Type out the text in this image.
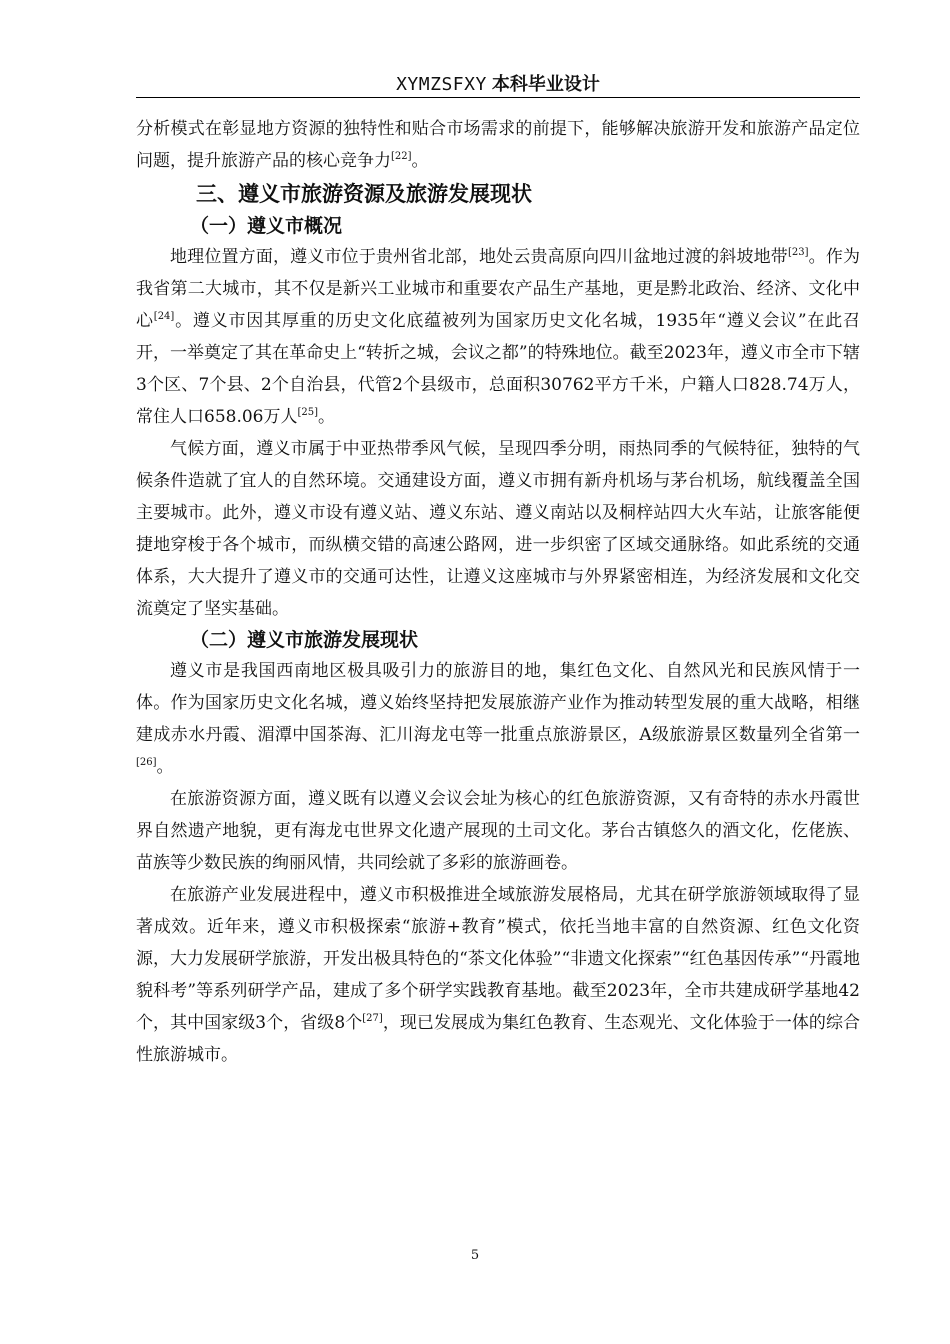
XYMZSFXY 本科毕业设计

分析模式在彰显地方资源的独特性和贴合市场需求的前提下，能够解决旅游开发和旅游产品定位问题，提升旅游产品的核心竞争力[22]。

三、遵义市旅游资源及旅游发展现状
（一）遵义市概况

地理位置方面，遵义市位于贵州省北部，地处云贵高原向四川盆地过渡的斜坡地带[23]。作为我省第二大城市，其不仅是新兴工业城市和重要农产品生产基地，更是黔北政治、经济、文化中心[24]。遵义市因其厚重的历史文化底蕴被列为国家历史文化名城，1935年“遵义会议”在此召开，一举奠定了其在革命史上“转折之城，会议之都”的特殊地位。截至2023年，遵义市全市下辖3个区、7个县、2个自治县，代管2个县级市，总面积30762平方千米，户籍人口828.74万人，常住人口658.06万人[25]。

气候方面，遵义市属于中亚热带季风气候，呈现四季分明，雨热同季的气候特征，独特的气候条件造就了宜人的自然环境。交通建设方面，遵义市拥有新舟机场与茅台机场，航线覆盖全国主要城市。此外，遵义市设有遵义站、遵义东站、遵义南站以及桐梓站四大火车站，让旅客能便捷地穿梭于各个城市，而纵横交错的高速公路网，进一步织密了区域交通脉络。如此系统的交通体系，大大提升了遵义市的交通可达性，让遵义这座城市与外界紧密相连，为经济发展和文化交流奠定了坚实基础。

（二）遵义市旅游发展现状

遵义市是我国西南地区极具吸引力的旅游目的地，集红色文化、自然风光和民族风情于一体。作为国家历史文化名城，遵义始终坚持把发展旅游产业作为推动转型发展的重大战略，相继建成赤水丹霞、湄潭中国茶海、汇川海龙屯等一批重点旅游景区，A级旅游景区数量列全省第一[26]。

在旅游资源方面，遵义既有以遵义会议会址为核心的红色旅游资源，又有奇特的赤水丹霞世界自然遗产地貌，更有海龙屯世界文化遗产展现的土司文化。茅台古镇悠久的酒文化，仡佬族、苗族等少数民族的绚丽风情，共同绘就了多彩的旅游画卷。

在旅游产业发展进程中，遵义市积极推进全域旅游发展格局，尤其在研学旅游领域取得了显著成效。近年来，遵义市积极探索“旅游+教育”模式，依托当地丰富的自然资源、红色文化资源，大力发展研学旅游，开发出极具特色的“茶文化体验”“非遗文化探索”“红色基因传承”“丹霞地貌科考”等系列研学产品，建成了多个研学实践教育基地。截至2023年，全市共建成研学基地42个，其中国家级3个，省级8个[27]，现已发展成为集红色教育、生态观光、文化体验于一体的综合性旅游城市。

5
